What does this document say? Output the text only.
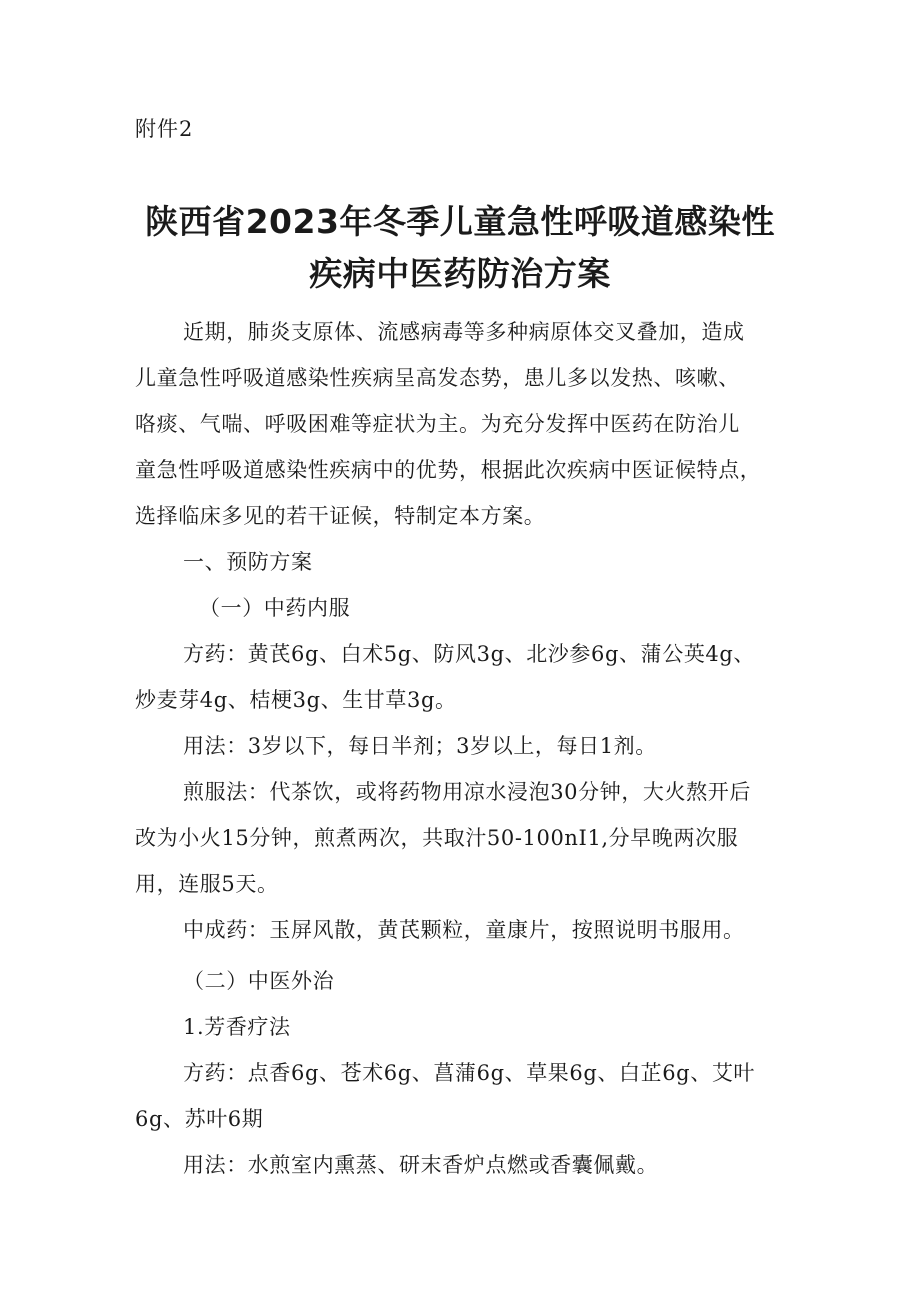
附件2
陕西省2023年冬季儿童急性呼吸道感染性
疾病中医药防治方案
近期，肺炎支原体、流感病毒等多种病原体交叉叠加，造成
儿童急性呼吸道感染性疾病呈高发态势，患儿多以发热、咳嗽、
咯痰、气喘、呼吸困难等症状为主。为充分发挥中医药在防治儿
童急性呼吸道感染性疾病中的优势，根据此次疾病中医证候特点，
选择临床多见的若干证候，特制定本方案。
一、预防方案
（一）中药内服
方药：黄芪6g、白术5g、防风3g、北沙参6g、蒲公英4g、
炒麦芽4g、桔梗3g、生甘草3g。
用法：3岁以下，每日半剂；3岁以上，每日1剂。
煎服法：代茶饮，或将药物用凉水浸泡30分钟，大火熬开后
改为小火15分钟，煎煮两次，共取汁50-100nI1,分早晚两次服
用，连服5天。
中成药：玉屏风散，黄芪颗粒，童康片，按照说明书服用。
（二）中医外治
1.芳香疗法
方药：点香6g、苍术6g、菖蒲6g、草果6g、白芷6g、艾叶
6g、苏叶6期
用法：水煎室内熏蒸、研末香炉点燃或香囊佩戴。
